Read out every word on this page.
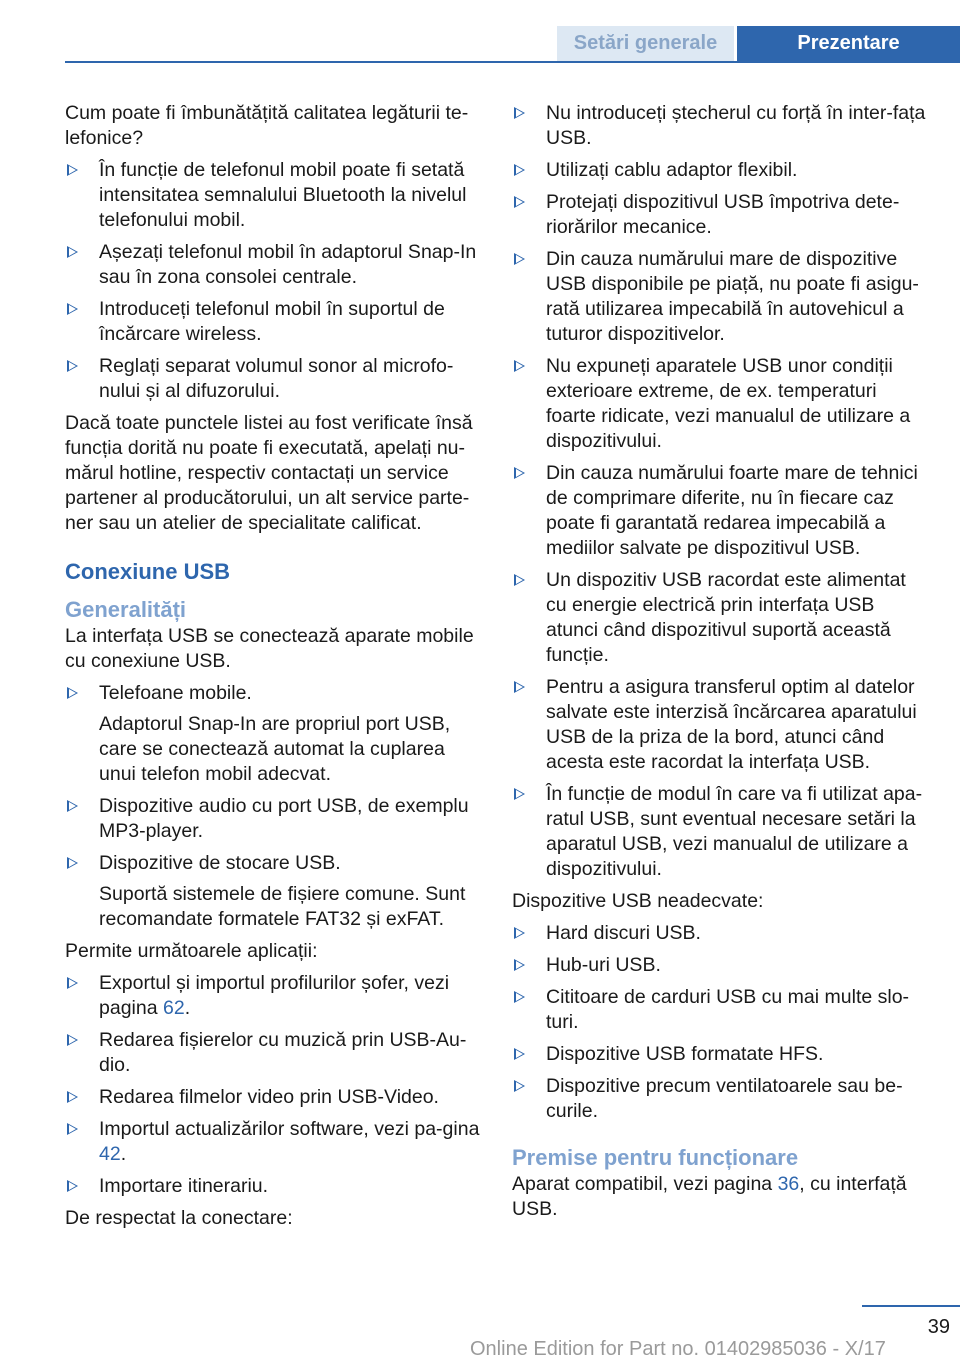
Setări generale	Prezentare

Cum poate fi îmbunătățită calitatea legăturii te-lefonice?

În funcție de telefonul mobil poate fi setată intensitatea semnalului Bluetooth la nivelul telefonului mobil.

Așezați telefonul mobil în adaptorul Snap-In sau în zona consolei centrale.

Introduceți telefonul mobil în suportul de încărcare wireless.

Reglați separat volumul sonor al microfo-nului și al difuzorului.

Dacă toate punctele listei au fost verificate însă funcția dorită nu poate fi executată, apelați nu-mărul hotline, respectiv contactați un service partener al producătorului, un alt service parte-ner sau un atelier de specialitate calificat.

Conexiune USB
Generalități

La interfața USB se conectează aparate mobile cu conexiune USB.

Telefoane mobile.

Adaptorul Snap-In are propriul port USB, care se conectează automat la cuplarea unui telefon mobil adecvat.

Dispozitive audio cu port USB, de exemplu MP3-player.

Dispozitive de stocare USB.

Suportă sistemele de fișiere comune. Sunt recomandate formatele FAT32 și exFAT.

Permite următoarele aplicații:

Exportul și importul profilurilor șofer, vezi pagina 62.

Redarea fișierelor cu muzică prin USB-Au-dio.

Redarea filmelor video prin USB-Video.

Importul actualizărilor software, vezi pa-gina 42.

Importare itinerariu.

De respectat la conectare:

Nu introduceți ștecherul cu forță în inter-fața USB.

Utilizați cablu adaptor flexibil.

Protejați dispozitivul USB împotriva dete-riorărilor mecanice.

Din cauza numărului mare de dispozitive USB disponibile pe piață, nu poate fi asigu-rată utilizarea impecabilă în autovehicul a tuturor dispozitivelor.

Nu expuneți aparatele USB unor condiții exterioare extreme, de ex. temperaturi foarte ridicate, vezi manualul de utilizare a dispozitivului.

Din cauza numărului foarte mare de tehnici de comprimare diferite, nu în fiecare caz poate fi garantată redarea impecabilă a mediilor salvate pe dispozitivul USB.

Un dispozitiv USB racordat este alimentat cu energie electrică prin interfața USB atunci când dispozitivul suportă această funcție.

Pentru a asigura transferul optim al datelor salvate este interzisă încărcarea aparatului USB de la priza de la bord, atunci când acesta este racordat la interfața USB.

În funcție de modul în care va fi utilizat apa-ratul USB, sunt eventual necesare setări la aparatul USB, vezi manualul de utilizare a dispozitivului.

Dispozitive USB neadecvate:

Hard discuri USB.

Hub-uri USB.

Cititoare de carduri USB cu mai multe slo-turi.

Dispozitive USB formatate HFS.

Dispozitive precum ventilatoarele sau be-curile.

Premise pentru funcționare

Aparat compatibil, vezi pagina 36, cu interfață USB.

39
Online Edition for Part no. 01402985036 - X/17
